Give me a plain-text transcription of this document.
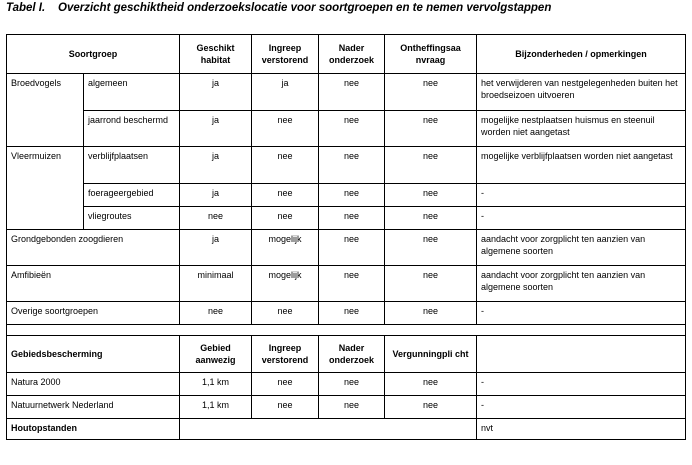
Tabel I. Overzicht geschiktheid onderzoekslocatie voor soortgroepen en te nemen vervolgstappen
Soortgroep		Geschikt habitat	Ingreep verstorend	Nader onderzoek	Ontheffingsaa nvraag	Bijzonderheden / opmerkingen
Broedvogels	algemeen	ja	ja	nee	nee	het verwijderen van nestgelegenheden buiten het broedseizoen uitvoeren
	jaarrond beschermd	ja	nee	nee	nee	mogelijke nestplaatsen huismus en steenuil worden niet aangetast
Vleermuizen	verblijfplaatsen	ja	nee	nee	nee	mogelijke verblijfplaatsen worden niet aangetast
	foerageergebied	ja	nee	nee	nee	-
	vliegroutes	nee	nee	nee	nee	-
Grondgebonden zoogdieren		ja	mogelijk	nee	nee	aandacht voor zorgplicht ten aanzien van algemene soorten
Amfibieën		minimaal	mogelijk	nee	nee	aandacht voor zorgplicht ten aanzien van algemene soorten
Overige soortgroepen		nee	nee	nee	nee	-

Gebiedsbescherming		Gebied aanwezig	Ingreep verstorend	Nader onderzoek	Vergunningpli cht	
Natura 2000		1,1 km	nee	nee	nee	-
Natuurnetwerk Nederland		1,1 km	nee	nee	nee	-
Houtopstanden						nvt
